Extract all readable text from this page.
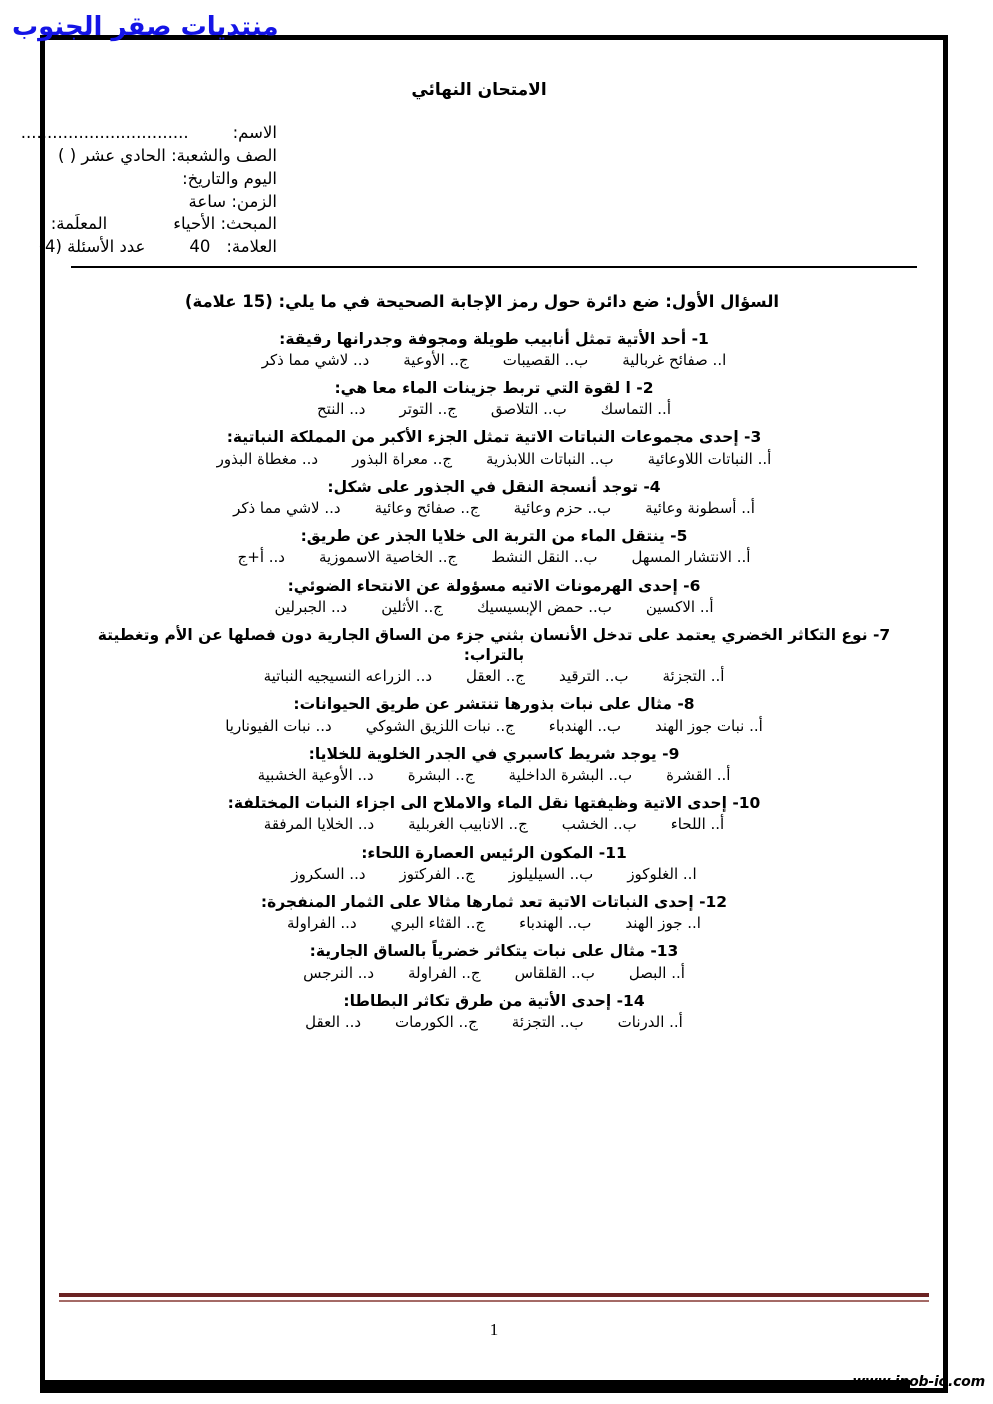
الامتحان النهائي
الاسم:................................
الصف والشعبة: الحادي عشر ( )
اليوم والتاريخ:
الزمن: ساعة
المبحث: الأحياءالمعلَمة:
العلامة:40عدد الأسئلة (4)
السؤال الأول: ضع دائرة حول رمز الإجابة الصحيحة في ما يلي: (15 علامة)
1- أحد الأتية تمثل أنابيب طويلة ومجوفة وجدرانها رقيقة:
ا.. صفائح غرباليةب.. القصيباتج.. الأوعيةد.. لاشي مما ذكر
2- ا لقوة التي تربط جزينات الماء معا هي:
أ.. التماسكب.. التلاصقج.. التوترد.. النتح
3- إحدى مجموعات النباتات الاتية تمثل الجزء الأكبر من المملكة النباتية:
أ.. النباتات اللاوعائيةب.. النباتات اللابذريةج.. معراة البذورد.. مغطاة البذور
4- توجد أنسجة النقل في الجذور على شكل:
أ.. أسطونة وعائيةب.. حزم وعائيةج.. صفائح وعائيةد.. لاشي مما ذكر
5- ينتقل الماء من التربة الى خلايا الجذر عن طريق:
أ.. الانتشار المسهلب.. النقل النشطج.. الخاصية الاسموزيةد.. أ+ج
6- إحدى الهرمونات الاتيه مسؤولة عن الانتحاء الضوئي:
أ.. الاكسينب.. حمض الإبسيسيكج.. الأثليند.. الجبرلين
7- نوع التكاثر الخضري يعتمد على تدخل الأنسان بثني جزء من الساق الجارية دون فصلها عن الأم وتغطيتة بالتراب:
أ.. التجزئةب.. الترقيدج.. العقلد.. الزراعه النسيجيه النباتية
8- مثال على نبات بذورها تنتشر عن طريق الحيوانات:
أ.. نبات جوز الهندب.. الهندباءج.. نبات اللزيق الشوكيد.. نبات الفيوناريا
9- يوجد شريط كاسبري في الجدر الخلوية للخلايا:
أ.. القشرةب.. البشرة الداخليةج.. البشرةد.. الأوعية الخشبية
10- إحدى الاتية وظيفتها نقل الماء والاملاح الى اجزاء النبات المختلفة:
أ.. اللحاءب.. الخشبج.. الانابيب الغربليةد.. الخلايا المرفقة
11- المكون الرئيس العصارة اللحاء:
ا.. الغلوكوزب.. السيليلوزج.. الفركتوزد.. السكروز
12- إحدى النباتات الاتية تعد ثمارها مثالا على الثمار المنفجرة:
ا.. جوز الهندب.. الهندباءج.. القثاء البريد.. الفراولة
13- مثال على نبات يتكاثر خضرياً بالساق الجارية:
أ.. البصلب.. القلقاسج.. الفراولةد.. النرجس
14- إحدى الأتية من طرق تكاثر البطاطا:
أ.. الدرناتب.. التجزئةج.. الكورماتد.. العقل
1
منتديات صقر الجنوب
www.inob-io.com
